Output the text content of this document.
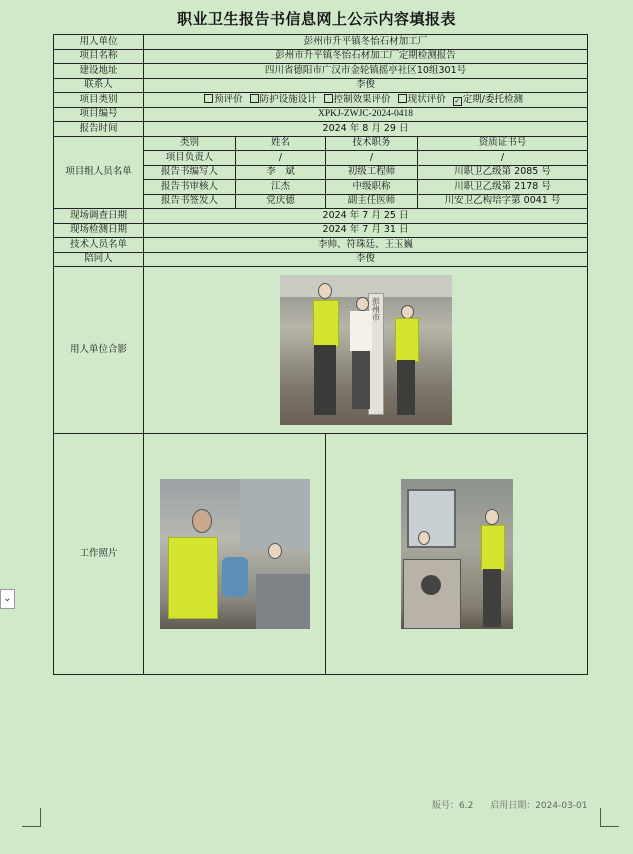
职业卫生报告书信息网上公示内容填报表
用人单位	彭州市升平镇冬怡石材加工厂			
项目名称	彭州市升平镇冬怡石材加工厂定期检测报告			
建设地址	四川省德阳市广汉市金轮镇摇亭社区10组301号			
联系人	李俊			
项目类别	预评价 防护设施设计 控制效果评价 现状评价 ✓ 定期/委托检测			
项目编号	XPKJ-ZWJC-2024-0418			
报告时间	2024 年 8 月 29 日			
项目组人员名单	类别	姓名	技术职务	资质证书号
	项目负责人	/	/	/
	报告书编写人	李　斌	初级工程师	川职卫乙级第 2085 号
	报告书审核人	江杰	中级职称	川职卫乙级第 2178 号
	报告书签发人	党庆德	副主任医师	川安卫乙构培字第 0041 号
现场调查日期	2024 年 7 月 25 日			
现场检测日期	2024 年 7 月 31 日			
技术人员名单	李帅、符珠廷、王玉巍			
陪同人	李俊			
用人单位合影	彭州市			

工作照片			

⌄
版号：6.2 启用日期：2024-03-01
